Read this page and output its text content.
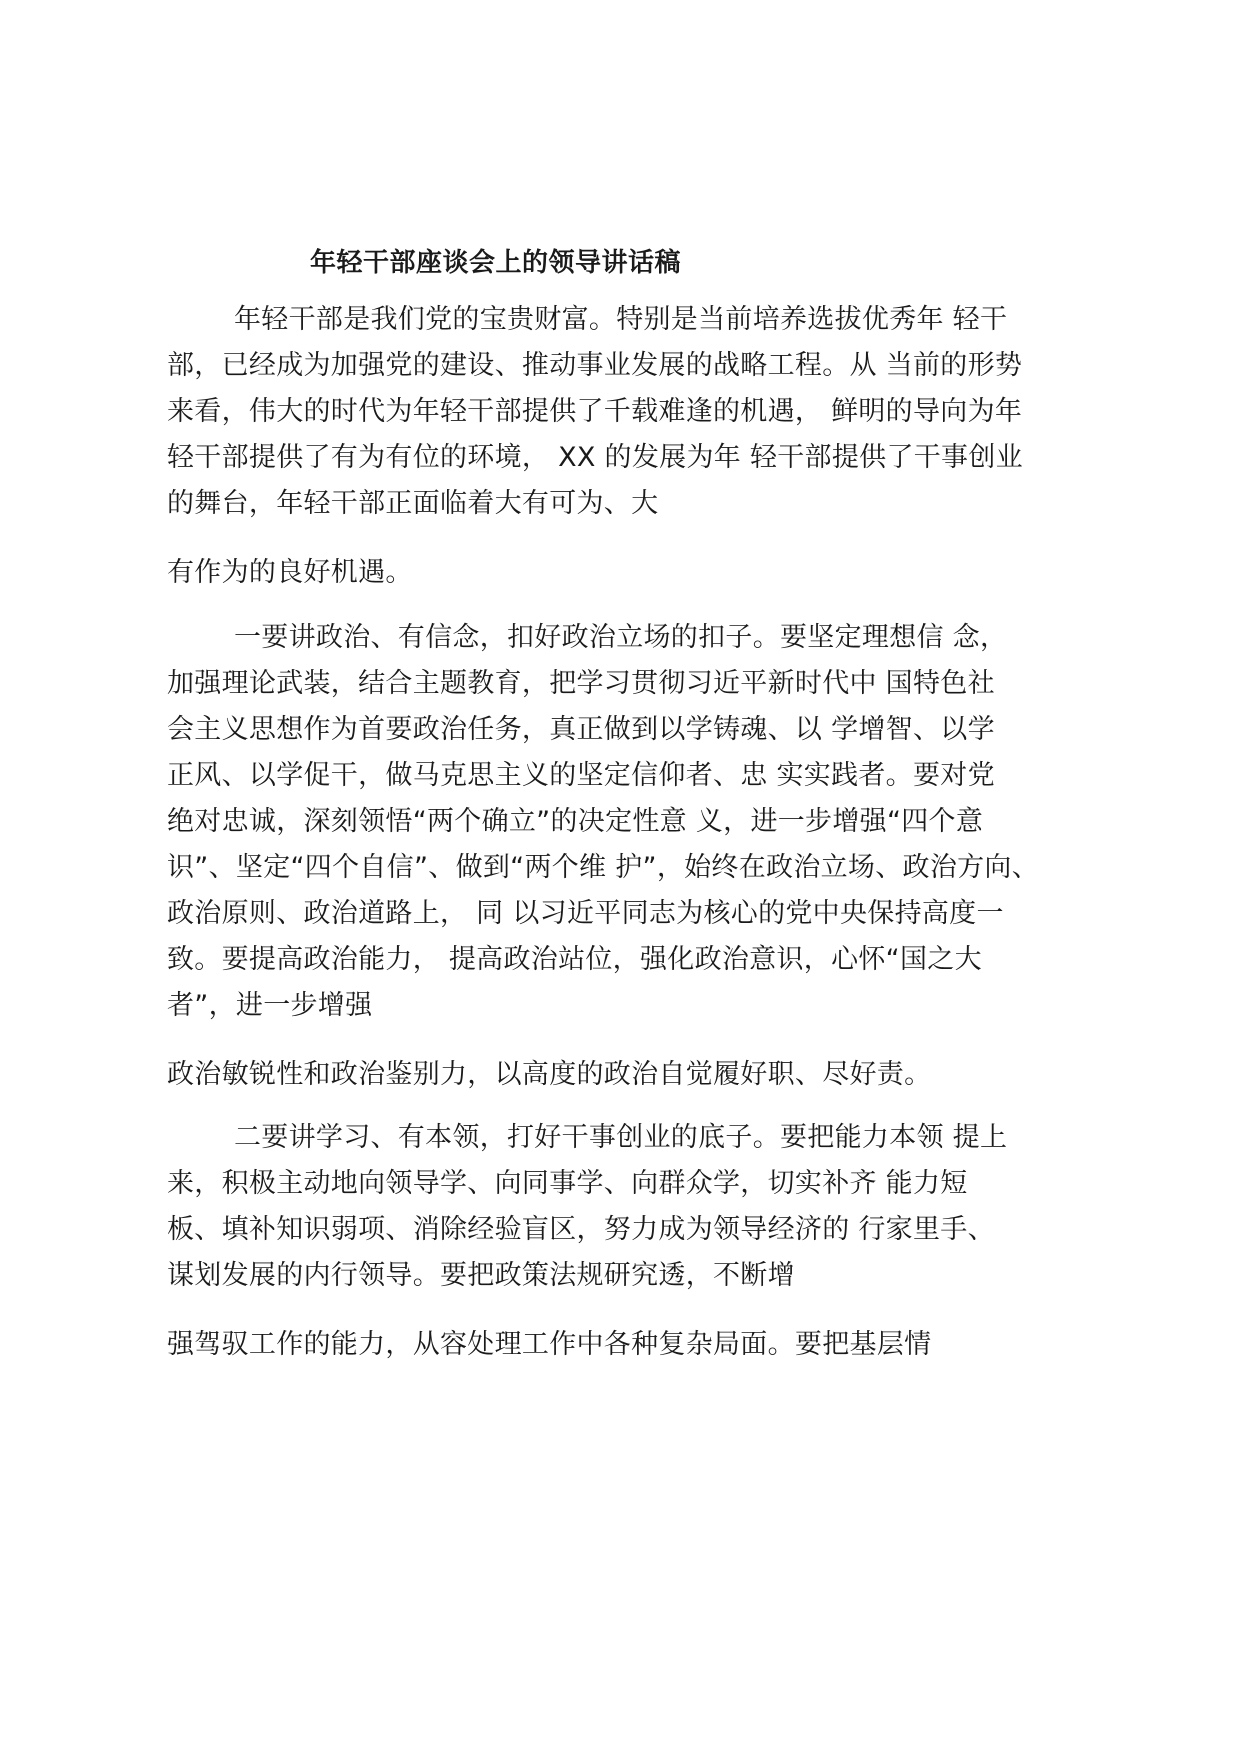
年轻干部座谈会上的领导讲话稿
年轻干部是我们党的宝贵财富。特别是当前培养选拔优秀年 轻干
部，已经成为加强党的建设、推动事业发展的战略工程。从 当前的形势
来看，伟大的时代为年轻干部提供了千载难逢的机遇， 鲜明的导向为年
轻干部提供了有为有位的环境， XX 的发展为年 轻干部提供了干事创业
的舞台，年轻干部正面临着大有可为、大
有作为的良好机遇。
一要讲政治、有信念，扣好政治立场的扣子。要坚定理想信 念，
加强理论武装，结合主题教育，把学习贯彻习近平新时代中 国特色社
会主义思想作为首要政治任务，真正做到以学铸魂、以 学增智、以学
正风、以学促干，做马克思主义的坚定信仰者、忠 实实践者。要对党
绝对忠诚，深刻领悟“两个确立”的决定性意 义，进一步增强“四个意
识”、坚定“四个自信”、做到“两个维 护”，始终在政治立场、政治方向、
政治原则、政治道路上， 同 以习近平同志为核心的党中央保持高度一
致。要提高政治能力， 提高政治站位，强化政治意识，心怀“国之大
者”，进一步增强
政治敏锐性和政治鉴别力，以高度的政治自觉履好职、尽好责。
二要讲学习、有本领，打好干事创业的底子。要把能力本领 提上
来，积极主动地向领导学、向同事学、向群众学，切实补齐 能力短
板、填补知识弱项、消除经验盲区，努力成为领导经济的 行家里手、
谋划发展的内行领导。要把政策法规研究透，不断增
强驾驭工作的能力，从容处理工作中各种复杂局面。要把基层情
